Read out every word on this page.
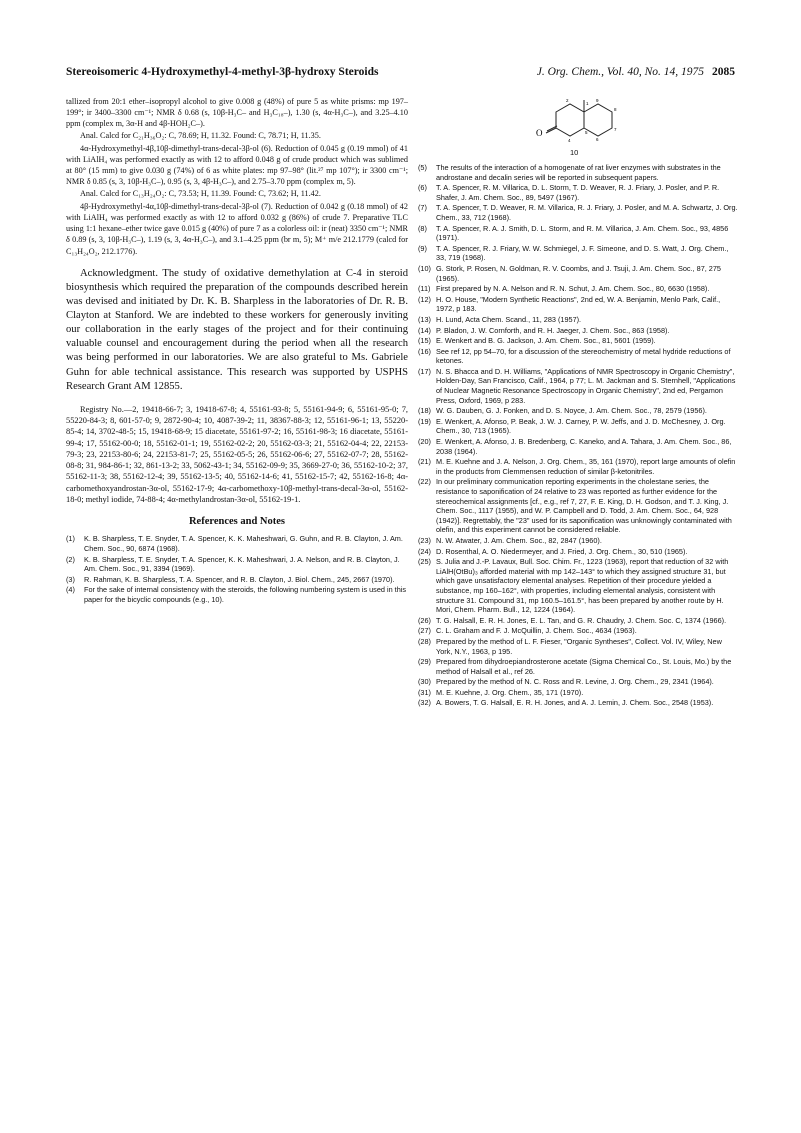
Stereoisomeric 4-Hydroxymethyl-4-methyl-3β-hydroxy Steroids	J. Org. Chem., Vol. 40, No. 14, 1975 2085

tallized from 20:1 ether–isopropyl alcohol to give 0.008 g (48%) of pure 5 as white prisms: mp 197–199°; ir 3400–3300 cm⁻¹; NMR δ 0.68 (s, 10β-H₃C– and H₃C₁₈–), 1.30 (s, 4α-H₃C–), and 3.25–4.10 ppm (complex m, 3α-H and 4β-HOH₂C–).

Anal. Calcd for C₂₁H₃₆O₂: C, 78.69; H, 11.32. Found: C, 78.71; H, 11.35.

4α-Hydroxymethyl-4β,10β-dimethyl-trans-decal-3β-ol (6). Reduction of 0.045 g (0.19 mmol) of 41 with LiAlH₄ was performed exactly as with 12 to afford 0.048 g of crude product which was sublimed at 80° (15 mm) to give 0.030 g (74%) of 6 as white plates: mp 97–98° (lit.²⁷ mp 107°); ir 3300 cm⁻¹; NMR δ 0.85 (s, 3, 10β-H₃C–), 0.95 (s, 3, 4β-H₃C–), and 2.75–3.70 ppm (complex m, 5).

Anal. Calcd for C₁₃H₂₄O₂: C, 73.53; H, 11.39. Found: C, 73.62; H, 11.42.

4β-Hydroxymethyl-4α,10β-dimethyl-trans-decal-3β-ol (7). Reduction of 0.042 g (0.18 mmol) of 42 with LiAlH₄ was performed exactly as with 12 to afford 0.032 g (86%) of crude 7. Preparative TLC using 1:1 hexane–ether twice gave 0.015 g (40%) of pure 7 as a colorless oil: ir (neat) 3350 cm⁻¹; NMR δ 0.89 (s, 3, 10β-H₃C–), 1.19 (s, 3, 4α-H₃C–), and 3.1–4.25 ppm (br m, 5); M⁺ m/e 212.1779 (calcd for C₁₃H₂₄O₂, 212.1776).

Acknowledgment. The study of oxidative demethylation at C-4 in steroid biosynthesis which required the preparation of the compounds described herein was devised and initiated by Dr. K. B. Sharpless in the laboratories of Dr. R. B. Clayton at Stanford. We are indebted to these workers for generously inviting our collaboration in the early stages of the project and for their continuing valuable counsel and encouragement during the period when all the research was being performed in our laboratories. We are also grateful to Ms. Gabriele Guhn for able technical assistance. This research was supported by USPHS Research Grant AM 12855.

Registry No.—2, 19418-66-7; 3, 19418-67-8; 4, 55161-93-8; 5, 55161-94-9; 6, 55161-95-0; 7, 55220-84-3; 8, 601-57-0; 9, 2872-90-4; 10, 4087-39-2; 11, 38367-88-3; 12, 55161-96-1; 13, 55220-85-4; 14, 3702-48-5; 15, 19418-68-9; 15 diacetate, 55161-97-2; 16, 55161-98-3; 16 diacetate, 55161-99-4; 17, 55162-00-0; 18, 55162-01-1; 19, 55162-02-2; 20, 55162-03-3; 21, 55162-04-4; 22, 22153-79-3; 23, 22153-80-6; 24, 22153-81-7; 25, 55162-05-5; 26, 55162-06-6; 27, 55162-07-7; 28, 55162-08-8; 31, 984-86-1; 32, 861-13-2; 33, 5062-43-1; 34, 55162-09-9; 35, 3669-27-0; 36, 55162-10-2; 37, 55162-11-3; 38, 55162-12-4; 39, 55162-13-5; 40, 55162-14-6; 41, 55162-15-7; 42, 55162-16-8; 4α-carbomethoxyandrostan-3α-ol, 55162-17-9; 4α-carbomethoxy-10β-methyl-trans-decal-3α-ol, 55162-18-0; methyl iodide, 74-88-4; 4α-methylandrostan-3α-ol, 55162-19-1.

References and Notes
(1)	K. B. Sharpless, T. E. Snyder, T. A. Spencer, K. K. Maheshwari, G. Guhn, and R. B. Clayton, J. Am. Chem. Soc., 90, 6874 (1968).
(2)	K. B. Sharpless, T. E. Snyder, T. A. Spencer, K. K. Maheshwari, J. A. Nelson, and R. B. Clayton, J. Am. Chem. Soc., 91, 3394 (1969).
(3)	R. Rahman, K. B. Sharpless, T. A. Spencer, and R. B. Clayton, J. Biol. Chem., 245, 2667 (1970).
(4)	For the sake of internal consistency with the steroids, the following numbering system is used in this paper for the bicyclic compounds (e.g., 10).
O
2
1
9
8
7
6
5
4
10
(5)	The results of the interaction of a homogenate of rat liver enzymes with substrates in the androstane and decalin series will be reported in subsequent papers.
(6)	T. A. Spencer, R. M. Villarica, D. L. Storm, T. D. Weaver, R. J. Friary, J. Posler, and P. R. Shafer, J. Am. Chem. Soc., 89, 5497 (1967).
(7)	T. A. Spencer, T. D. Weaver, R. M. Villarica, R. J. Friary, J. Posler, and M. A. Schwartz, J. Org. Chem., 33, 712 (1968).
(8)	T. A. Spencer, R. A. J. Smith, D. L. Storm, and R. M. Villarica, J. Am. Chem. Soc., 93, 4856 (1971).
(9)	T. A. Spencer, R. J. Friary, W. W. Schmiegel, J. F. Simeone, and D. S. Watt, J. Org. Chem., 33, 719 (1968).
(10) G. Stork, P. Rosen, N. Goldman, R. V. Coombs, and J. Tsuji, J. Am. Chem. Soc., 87, 275 (1965).
(11) First prepared by N. A. Nelson and R. N. Schut, J. Am. Chem. Soc., 80, 6630 (1958).
(12) H. O. House, "Modern Synthetic Reactions", 2nd ed, W. A. Benjamin, Menlo Park, Calif., 1972, p 183.
(13) H. Lund, Acta Chem. Scand., 11, 283 (1957).
(14) P. Bladon, J. W. Cornforth, and R. H. Jaeger, J. Chem. Soc., 863 (1958).
(15) E. Wenkert and B. G. Jackson, J. Am. Chem. Soc., 81, 5601 (1959).
(16) See ref 12, pp 54–70, for a discussion of the stereochemistry of metal hydride reductions of ketones.
(17) N. S. Bhacca and D. H. Williams, "Applications of NMR Spectroscopy in Organic Chemistry", Holden-Day, San Francisco, Calif., 1964, p 77; L. M. Jackman and S. Sternhell, "Applications of Nuclear Magnetic Resonance Spectroscopy in Organic Chemistry", 2nd ed, Pergamon Press, Oxford, 1969, p 283.
(18) W. G. Dauben, G. J. Fonken, and D. S. Noyce, J. Am. Chem. Soc., 78, 2579 (1956).
(19) E. Wenkert, A. Afonso, P. Beak, J. W. J. Carney, P. W. Jeffs, and J. D. McChesney, J. Org. Chem., 30, 713 (1965).
(20) E. Wenkert, A. Afonso, J. B. Bredenberg, C. Kaneko, and A. Tahara, J. Am. Chem. Soc., 86, 2038 (1964).
(21) M. E. Kuehne and J. A. Nelson, J. Org. Chem., 35, 161 (1970), report large amounts of olefin in the products from Clemmensen reduction of similar β-ketonitriles.
(22) In our preliminary communication reporting experiments in the cholestane series, the resistance to saponification of 24 relative to 23 was reported as further evidence for the stereochemical assignments [cf., e.g., ref 7, 27, F. E. King, D. H. Godson, and T. J. King, J. Chem. Soc., 1117 (1955), and W. P. Campbell and D. Todd, J. Am. Chem. Soc., 64, 928 (1942)]. Regrettably, the "23" used for its saponification was unknowingly contaminated with olefin, and this experiment cannot be considered reliable.
(23) N. W. Atwater, J. Am. Chem. Soc., 82, 2847 (1960).
(24) D. Rosenthal, A. O. Niedermeyer, and J. Fried, J. Org. Chem., 30, 510 (1965).
(25) S. Julia and J.-P. Lavaux, Bull. Soc. Chim. Fr., 1223 (1963), report that reduction of 32 with LiAlH(OtBu)₃ afforded material with mp 142–143° to which they assigned structure 31, but which gave unsatisfactory elemental analyses. Repetition of their procedure yielded a substance, mp 160–162°, with properties, including elemental analysis, consistent with structure 31. Compound 31, mp 160.5–161.5°, has been prepared by another route by H. Mori, Chem. Pharm. Bull., 12, 1224 (1964).
(26) T. G. Halsall, E. R. H. Jones, E. L. Tan, and G. R. Chaudry, J. Chem. Soc. C, 1374 (1966).
(27) C. L. Graham and F. J. McQuillin, J. Chem. Soc., 4634 (1963).
(28) Prepared by the method of L. F. Fieser, "Organic Syntheses", Collect. Vol. IV, Wiley, New York, N.Y., 1963, p 195.
(29) Prepared from dihydroepiandrosterone acetate (Sigma Chemical Co., St. Louis, Mo.) by the method of Halsall et al., ref 26.
(30) Prepared by the method of N. C. Ross and R. Levine, J. Org. Chem., 29, 2341 (1964).
(31) M. E. Kuehne, J. Org. Chem., 35, 171 (1970).
(32) A. Bowers, T. G. Halsall, E. R. H. Jones, and A. J. Lemin, J. Chem. Soc., 2548 (1953).
